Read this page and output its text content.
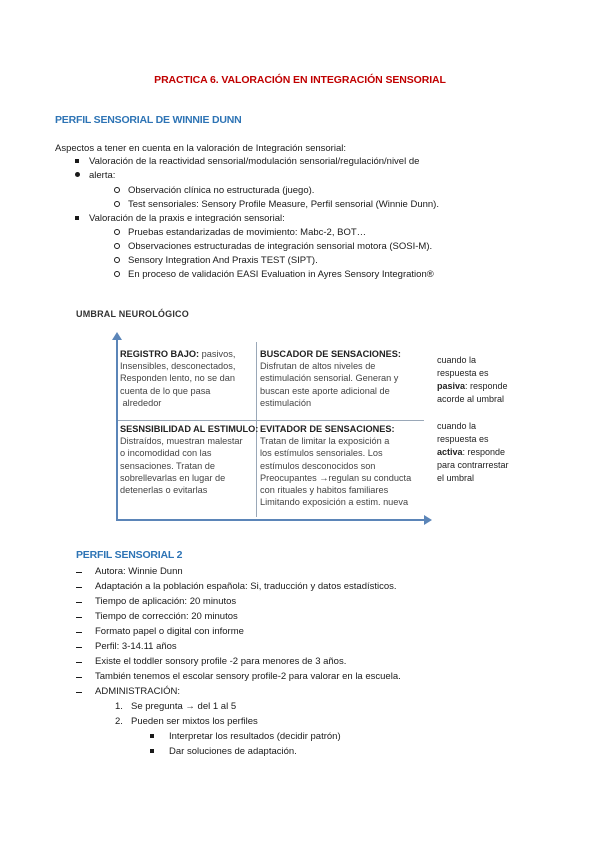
PRACTICA 6. VALORACIÓN EN INTEGRACIÓN SENSORIAL
PERFIL SENSORIAL DE WINNIE DUNN
Aspectos a tener en cuenta en la valoración de Integración sensorial:
Valoración de la reactividad sensorial/modulación sensorial/regulación/nivel de
alerta:
Observación clínica no estructurada (juego).
Test sensoriales: Sensory Profile Measure, Perfil sensorial (Winnie Dunn).
Valoración de la praxis e integración sensorial:
Pruebas estandarizadas de movimiento: Mabc-2, BOT…
Observaciones estructuradas de integración sensorial motora (SOSI-M).
Sensory Integration And Praxis TEST (SIPT).
En proceso de validación EASI Evaluation in Ayres Sensory Integration®
UMBRAL NEUROLÓGICO
REGISTRO BAJO: pasivos,
Insensibles, desconectados,
Responden lento, no se dan
cuenta de lo que pasa
alrededor
BUSCADOR DE SENSACIONES:
Disfrutan de altos niveles de
estimulación sensorial. Generan y
buscan este aporte adicional de
estimulación
SESNSIBILIDAD AL ESTIMULO:
Distraídos, muestran malestar
o incomodidad con las
sensaciones. Tratan de
sobrellevarlas en lugar de
detenerlas o evitarlas
EVITADOR DE SENSACIONES:
Tratan de limitar la exposición a
los estímulos sensoriales. Los
estímulos desconocidos son
Preocupantes →regulan su conducta
con rituales y habitos familiares
Limitando exposición a estim. nueva
cuando la
respuesta es
pasiva: responde
acorde al umbral
cuando la
respuesta es
activa: responde
para contrarrestar
el umbral
PERFIL SENSORIAL 2
Autora: Winnie Dunn
Adaptación a la población española: Si, traducción y datos estadísticos.
Tiempo de aplicación: 20 minutos
Tiempo de corrección: 20 minutos
Formato papel o digital con informe
Perfil: 3-14.11 años
Existe el toddler sonsory profile -2 para menores de 3 años.
También tenemos el escolar sensory profile-2 para valorar en la escuela.
ADMINISTRACIÓN:
1. Se pregunta → del 1 al 5
2. Pueden ser mixtos los perfiles
Interpretar los resultados (decidir patrón)
Dar soluciones de adaptación.
